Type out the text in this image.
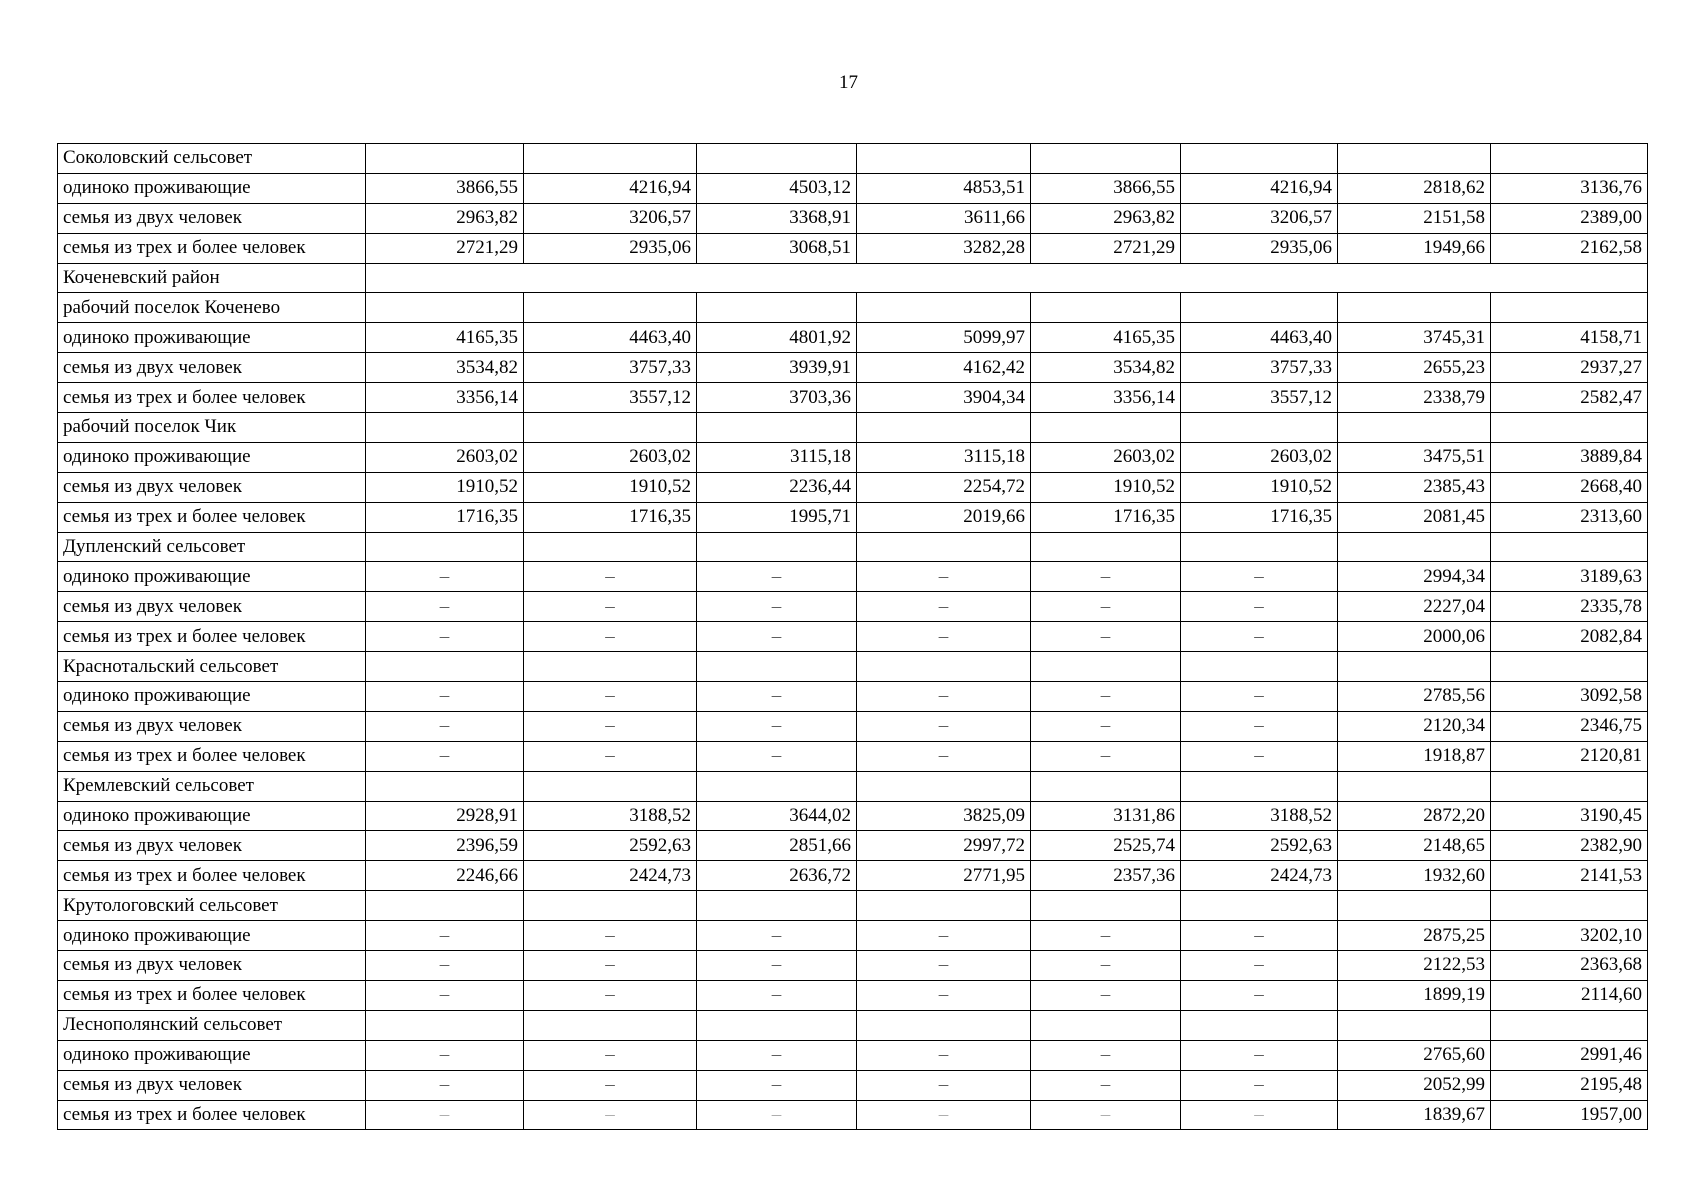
17
Соколовский сельсовет								
одиноко проживающие	3866,55	4216,94	4503,12	4853,51	3866,55	4216,94	2818,62	3136,76
семья из двух человек	2963,82	3206,57	3368,91	3611,66	2963,82	3206,57	2151,58	2389,00
семья из трех и более человек	2721,29	2935,06	3068,51	3282,28	2721,29	2935,06	1949,66	2162,58
Коченевский район								
рабочий поселок Коченево								
одиноко проживающие	4165,35	4463,40	4801,92	5099,97	4165,35	4463,40	3745,31	4158,71
семья из двух человек	3534,82	3757,33	3939,91	4162,42	3534,82	3757,33	2655,23	2937,27
семья из трех и более человек	3356,14	3557,12	3703,36	3904,34	3356,14	3557,12	2338,79	2582,47
рабочий поселок Чик								
одиноко проживающие	2603,02	2603,02	3115,18	3115,18	2603,02	2603,02	3475,51	3889,84
семья из двух человек	1910,52	1910,52	2236,44	2254,72	1910,52	1910,52	2385,43	2668,40
семья из трех и более человек	1716,35	1716,35	1995,71	2019,66	1716,35	1716,35	2081,45	2313,60
Дупленский сельсовет								
одиноко проживающие	–	–	–	–	–	–	2994,34	3189,63
семья из двух человек	–	–	–	–	–	–	2227,04	2335,78
семья из трех и более человек	–	–	–	–	–	–	2000,06	2082,84
Краснотальский сельсовет								
одиноко проживающие	–	–	–	–	–	–	2785,56	3092,58
семья из двух человек	–	–	–	–	–	–	2120,34	2346,75
семья из трех и более человек	–	–	–	–	–	–	1918,87	2120,81
Кремлевский сельсовет								
одиноко проживающие	2928,91	3188,52	3644,02	3825,09	3131,86	3188,52	2872,20	3190,45
семья из двух человек	2396,59	2592,63	2851,66	2997,72	2525,74	2592,63	2148,65	2382,90
семья из трех и более человек	2246,66	2424,73	2636,72	2771,95	2357,36	2424,73	1932,60	2141,53
Крутологовский сельсовет								
одиноко проживающие	–	–	–	–	–	–	2875,25	3202,10
семья из двух человек	–	–	–	–	–	–	2122,53	2363,68
семья из трех и более человек	–	–	–	–	–	–	1899,19	2114,60
Леснополянский сельсовет								
одиноко проживающие	–	–	–	–	–	–	2765,60	2991,46
семья из двух человек	–	–	–	–	–	–	2052,99	2195,48
семья из трех и более человек	–	–	–	–	–	–	1839,67	1957,00
